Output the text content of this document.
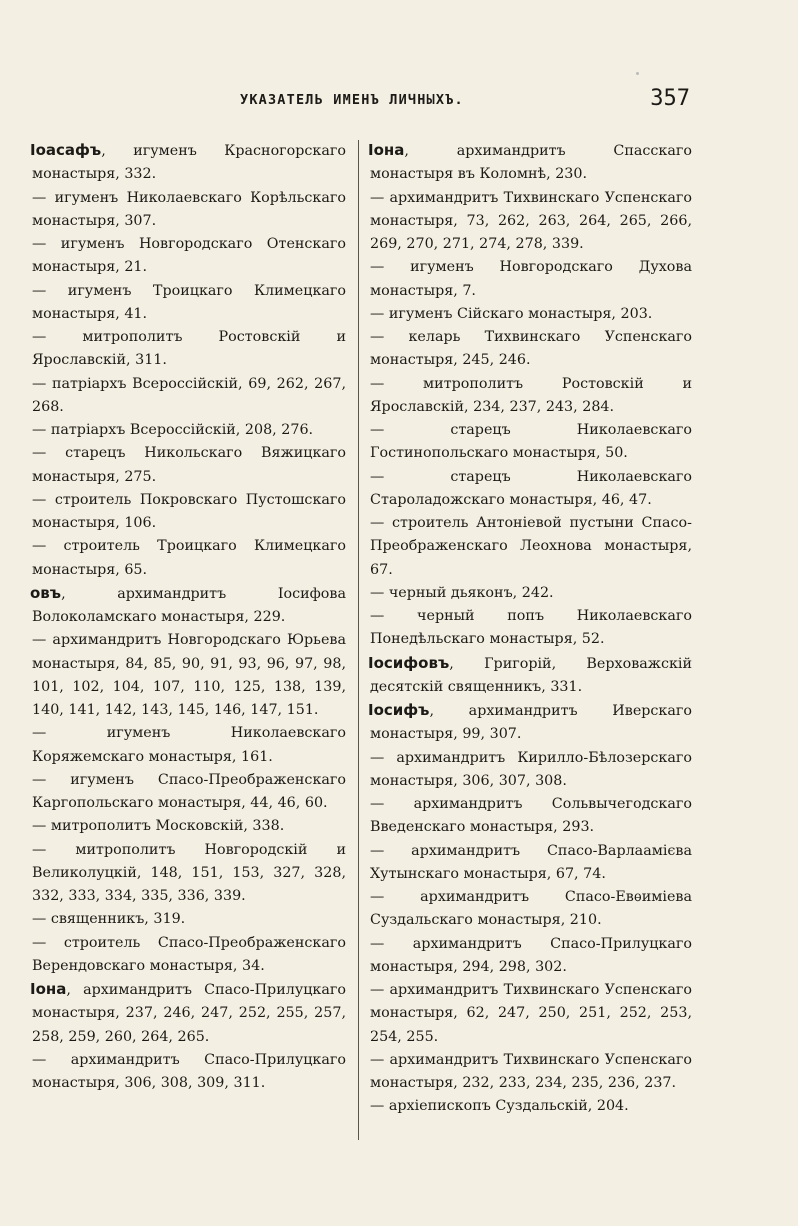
УКАЗАТЕЛЬ ИМЕНЪ ЛИЧНЫХЪ.	357
Іоасафъ, игуменъ Красногорскаго монастыря, 332.
— игуменъ Николаевскаго Корѣльскаго монастыря, 307.
— игуменъ Новгородскаго Отенскаго монастыря, 21.
— игуменъ Троицкаго Климецкаго монастыря, 41.
— митрополитъ Ростовскій и Ярославскій, 311.
— патріархъ Всероссійскій, 69, 262, 267, 268.
— патріархъ Всероссійскій, 208, 276.
— старецъ Никольскаго Вяжицкаго монастыря, 275.
— строитель Покровскаго Пустошскаго монастыря, 106.
— строитель Троицкаго Климецкаго монастыря, 65.
овъ, архимандритъ Іосифова Волоколамскаго монастыря, 229.
— архимандритъ Новгородскаго Юрьева монастыря, 84, 85, 90, 91, 93, 96, 97, 98, 101, 102, 104, 107, 110, 125, 138, 139, 140, 141, 142, 143, 145, 146, 147, 151.
— игуменъ Николаевскаго Коряжемскаго монастыря, 161.
— игуменъ Спасо-Преображенскаго Каргопольскаго монастыря, 44, 46, 60.
— митрополитъ Московскій, 338.
— митрополитъ Новгородскій и Великолуцкій, 148, 151, 153, 327, 328, 332, 333, 334, 335, 336, 339.
— священникъ, 319.
— строитель Спасо-Преображенскаго Верендовскаго монастыря, 34.
Іона, архимандритъ Спасо-Прилуцкаго монастыря, 237, 246, 247, 252, 255, 257, 258, 259, 260, 264, 265.
— архимандритъ Спасо-Прилуцкаго монастыря, 306, 308, 309, 311.
Іона, архимандритъ Спасскаго монастыря въ Коломнѣ, 230.
— архимандритъ Тихвинскаго Успенскаго монастыря, 73, 262, 263, 264, 265, 266, 269, 270, 271, 274, 278, 339.
— игуменъ Новгородскаго Духова монастыря, 7.
— игуменъ Сійскаго монастыря, 203.
— келарь Тихвинскаго Успенскаго монастыря, 245, 246.
— митрополитъ Ростовскій и Ярославскій, 234, 237, 243, 284.
— старецъ Николаевскаго Гостинопольскаго монастыря, 50.
— старецъ Николаевскаго Староладожскаго монастыря, 46, 47.
— строитель Антоніевой пустыни Спасо-Преображенскаго Леохнова монастыря, 67.
— черный дьяконъ, 242.
— черный попъ Николаевскаго Понедѣльскаго монастыря, 52.
Іосифовъ, Григорій, Верховажскій десятскій священникъ, 331.
Іосифъ, архимандритъ Иверскаго монастыря, 99, 307.
— архимандритъ Кирилло-Бѣлозерскаго монастыря, 306, 307, 308.
— архимандритъ Сольвычегодскаго Введенскаго монастыря, 293.
— архимандритъ Спасо-Варлаамієва Хутынскаго монастыря, 67, 74.
— архимандритъ Спасо-Евѳиміева Суздальскаго монастыря, 210.
— архимандритъ Спасо-Прилуцкаго монастыря, 294, 298, 302.
— архимандритъ Тихвинскаго Успенскаго монастыря, 62, 247, 250, 251, 252, 253, 254, 255.
— архимандритъ Тихвинскаго Успенскаго монастыря, 232, 233, 234, 235, 236, 237.
— архіепископъ Суздальскій, 204.
